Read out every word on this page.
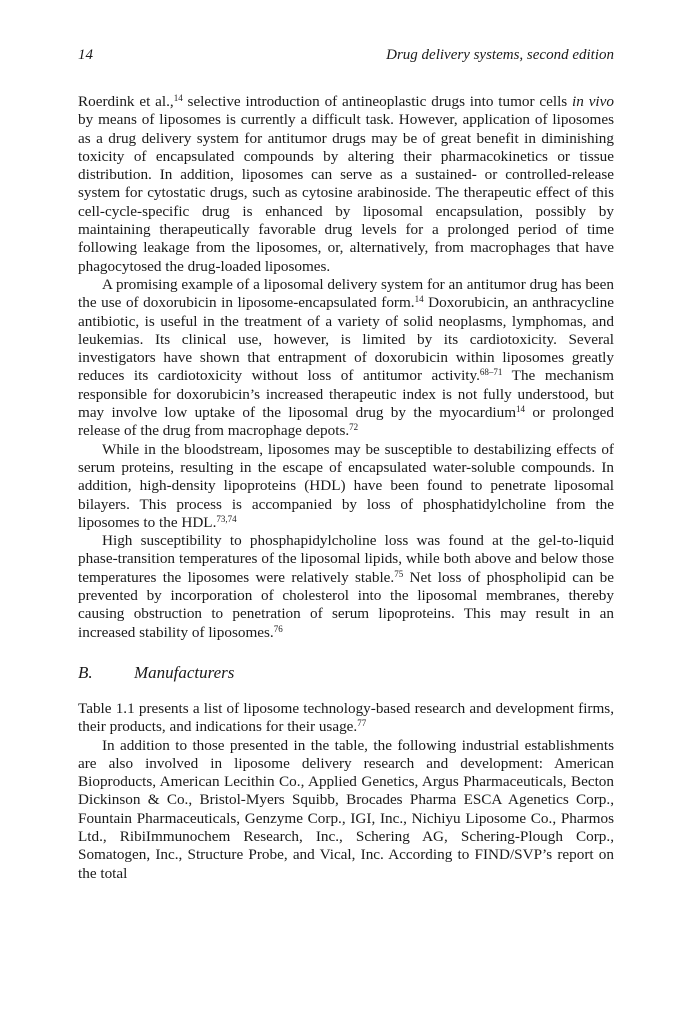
14	Drug delivery systems, second edition

Roerdink et al.,$^{14}$ selective introduction of antineoplastic drugs into tumor cells in vivo by means of liposomes is currently a difficult task. However, application of liposomes as a drug delivery system for antitumor drugs may be of great benefit in diminishing toxicity of encapsulated compounds by altering their pharmacokinetics or tissue distribution. In addition, liposomes can serve as a sustained- or controlled-release system for cytostatic drugs, such as cytosine arabinoside. The therapeutic effect of this cell-cycle-specific drug is enhanced by liposomal encapsulation, possibly by maintaining therapeutically favorable drug levels for a prolonged period of time following leakage from the liposomes, or, alternatively, from macrophages that have phagocytosed the drug-loaded liposomes.

A promising example of a liposomal delivery system for an antitumor drug has been the use of doxorubicin in liposome-encapsulated form.$^{14}$ Doxorubicin, an anthracycline antibiotic, is useful in the treatment of a variety of solid neoplasms, lymphomas, and leukemias. Its clinical use, however, is limited by its cardiotoxicity. Several investigators have shown that entrapment of doxorubicin within liposomes greatly reduces its cardiotoxicity without loss of antitumor activity.$^{68-71}$ The mechanism responsible for doxorubicin’s increased therapeutic index is not fully understood, but may involve low uptake of the liposomal drug by the myocardium$^{14}$ or prolonged release of the drug from macrophage depots.$^{72}$

While in the bloodstream, liposomes may be susceptible to destabilizing effects of serum proteins, resulting in the escape of encapsulated water-soluble compounds. In addition, high-density lipoproteins (HDL) have been found to penetrate liposomal bilayers. This process is accompanied by loss of phosphatidylcholine from the liposomes to the HDL.$^{73,74}$

High susceptibility to phosphapidylcholine loss was found at the gel-to-liquid phase-transition temperatures of the liposomal lipids, while both above and below those temperatures the liposomes were relatively stable.$^{75}$ Net loss of phospholipid can be prevented by incorporation of cholesterol into the liposomal membranes, thereby causing obstruction to penetration of serum lipoproteins. This may result in an increased stability of liposomes.$^{76}$

B. Manufacturers

Table 1.1 presents a list of liposome technology-based research and development firms, their products, and indications for their usage.$^{77}$

In addition to those presented in the table, the following industrial establishments are also involved in liposome delivery research and development: American Bioproducts, American Lecithin Co., Applied Genetics, Argus Pharmaceuticals, Becton Dickinson & Co., Bristol-Myers Squibb, Brocades Pharma ESCA Agenetics Corp., Fountain Pharmaceuticals, Genzyme Corp., IGI, Inc., Nichiyu Liposome Co., Pharmos Ltd., RibiImmunochem Research, Inc., Schering AG, Schering-Plough Corp., Somatogen, Inc., Structure Probe, and Vical, Inc. According to FIND/SVP’s report on the total
